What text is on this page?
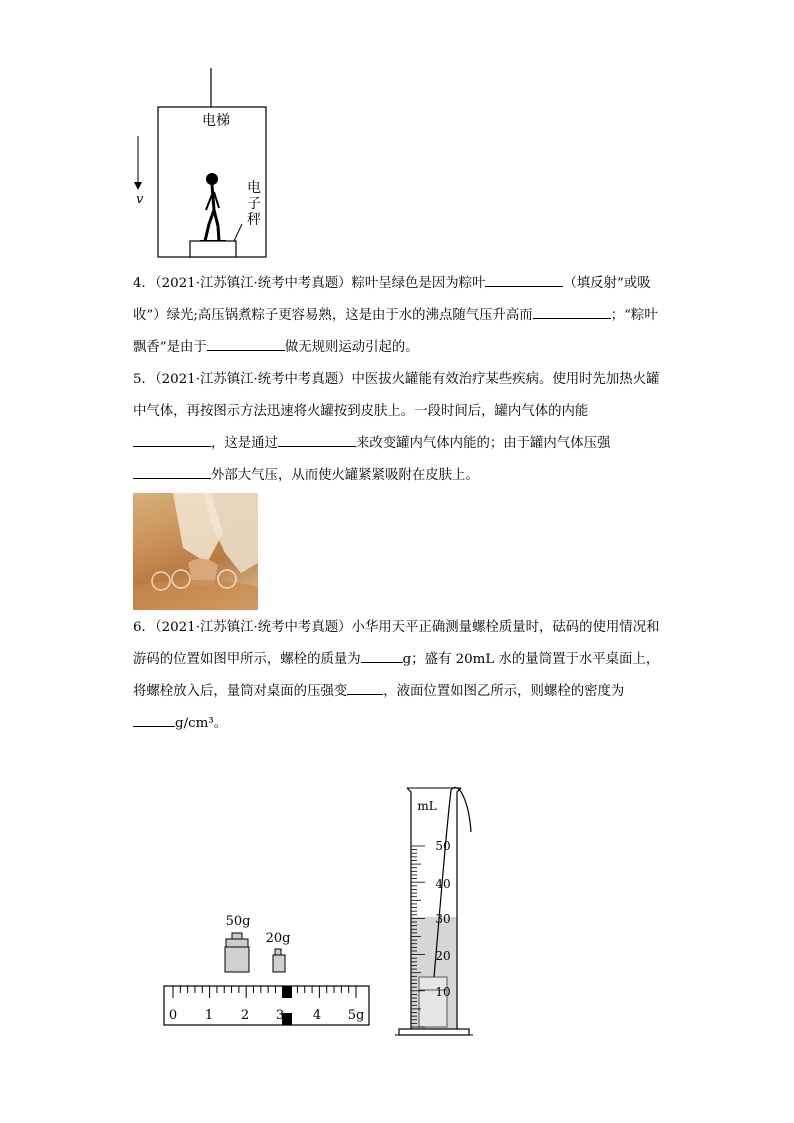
电梯
v
电
子
秤
4．（2021·江苏镇江·统考中考真题）粽叶呈绿色是因为粽叶	（填反射”或吸收”）绿光;高压锅煮粽子更容易熟，这是由于水的沸点随气压升高而	；“粽叶飘香”是由于	做无规则运动引起的。
5．（2021·江苏镇江·统考中考真题）中医拔火罐能有效治疗某些疾病。使用时先加热火罐中气体，再按图示方法迅速将火罐按到皮肤上。一段时间后，罐内气体的内能，这是通过	来改变罐内气体内能的；由于罐内气体压强外部大气压，从而使火罐紧紧吸附在皮肤上。
6．（2021·江苏镇江·统考中考真题）小华用天平正确测量螺栓质量时，砝码的使用情况和游码的位置如图甲所示，螺栓的质量为	g；盛有 20mL 水的量筒置于水平桌面上，将螺栓放入后，量筒对桌面的压强变	，液面位置如图乙所示，则螺栓的密度为g/cm³。
50g
20g
0 1 2 3 4 5g
mL
50
40
30
20
10
